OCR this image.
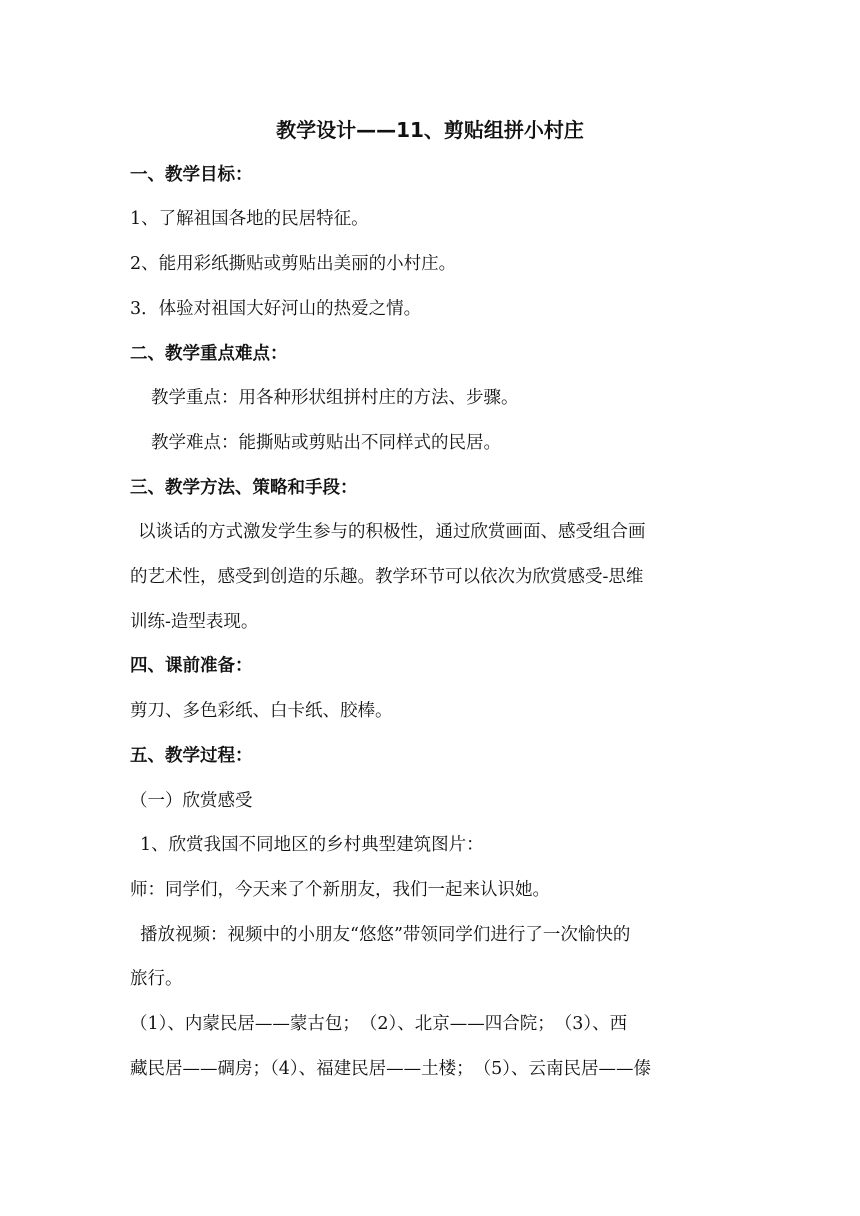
教学设计——11、剪贴组拼小村庄

一、教学目标：

1、了解祖国各地的民居特征。

2、能用彩纸撕贴或剪贴出美丽的小村庄。

3．体验对祖国大好河山的热爱之情。

二、教学重点难点：

教学重点：用各种形状组拼村庄的方法、步骤。

教学难点：能撕贴或剪贴出不同样式的民居。

三、教学方法、策略和手段：

以谈话的方式激发学生参与的积极性，通过欣赏画面、感受组合画

的艺术性，感受到创造的乐趣。教学环节可以依次为欣赏感受-思维

训练-造型表现。

四、课前准备：

剪刀、多色彩纸、白卡纸、胶棒。

五、教学过程：

（一）欣赏感受

1、欣赏我国不同地区的乡村典型建筑图片：

师：同学们，今天来了个新朋友，我们一起来认识她。

播放视频：视频中的小朋友“悠悠”带领同学们进行了一次愉快的

旅行。

（1）、内蒙民居——蒙古包；　（2）、北京——四合院；　（3）、西

藏民居——碉房；（4）、福建民居——土楼；　（5）、云南民居——傣
